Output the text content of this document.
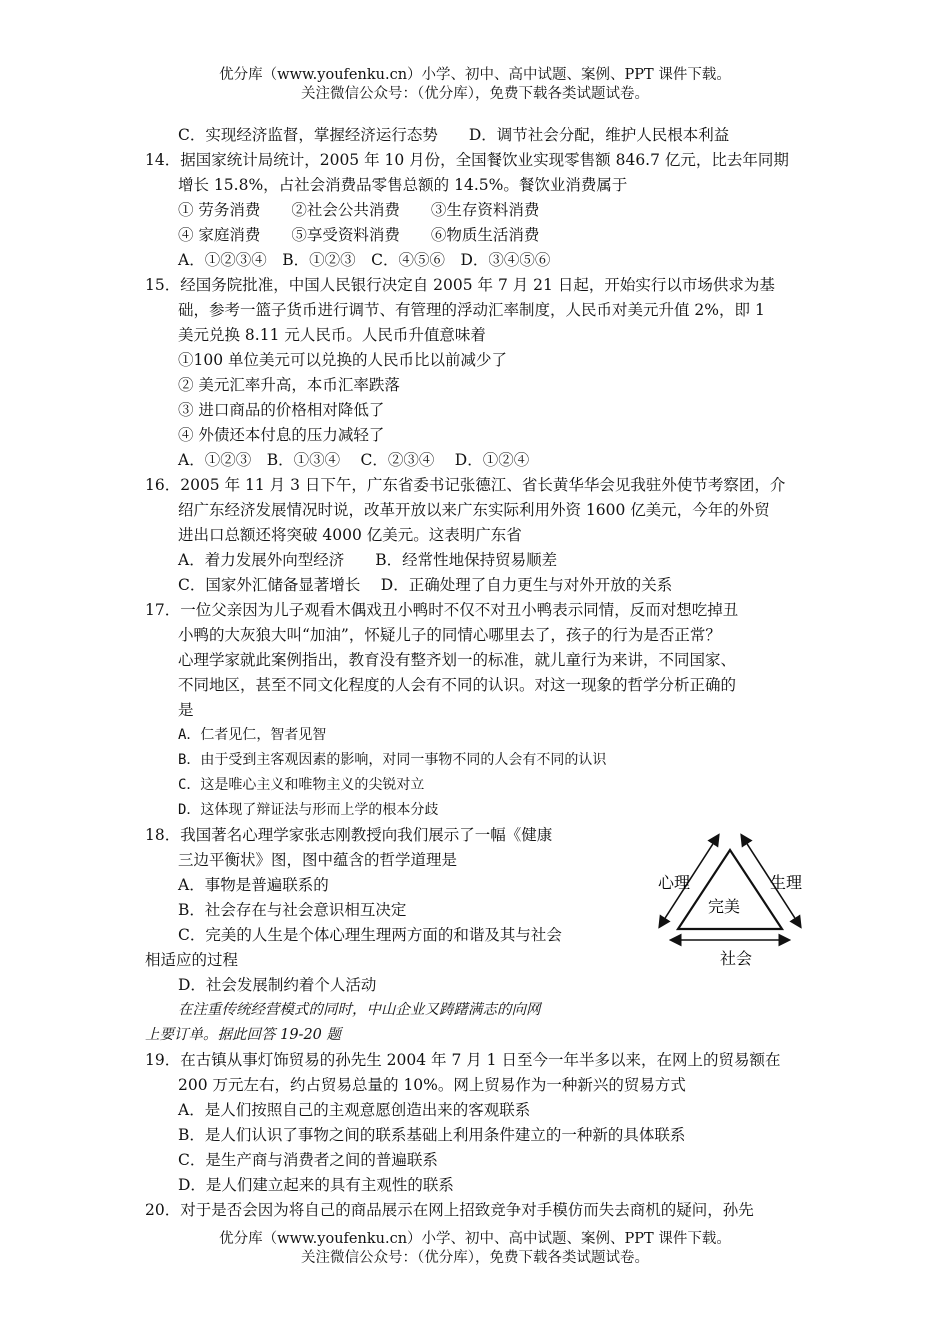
优分库（www.youfenku.cn）小学、初中、高中试题、案例、PPT 课件下载。
关注微信公众号：（优分库），免费下载各类试题试卷。
C．实现经济监督，掌握经济运行态势　　D．调节社会分配，维护人民根本利益
14．据国家统计局统计，2005 年 10 月份，全国餐饮业实现零售额 846.7 亿元，比去年同期
增长 15.8%，占社会消费品零售总额的 14.5%。餐饮业消费属于
① 劳务消费　　②社会公共消费　　③生存资料消费
④ 家庭消费　　⑤享受资料消费　　⑥物质生活消费
A．①②③④　B．①②③　C．④⑤⑥　D．③④⑤⑥
15．经国务院批准，中国人民银行决定自 2005 年 7 月 21 日起，开始实行以市场供求为基
础，参考一篮子货币进行调节、有管理的浮动汇率制度，人民币对美元升值 2%，即 1
美元兑换 8.11 元人民币。人民币升值意味着
①100 单位美元可以兑换的人民币比以前减少了
② 美元汇率升高，本币汇率跌落
③ 进口商品的价格相对降低了
④ 外债还本付息的压力减轻了
A．①②③　B．①③④　 C．②③④　 D．①②④
16．2005 年 11 月 3 日下午，广东省委书记张德江、省长黄华华会见我驻外使节考察团，介
绍广东经济发展情况时说，改革开放以来广东实际利用外资 1600 亿美元，今年的外贸
进出口总额还将突破 4000 亿美元。这表明广东省
A．着力发展外向型经济　　B．经常性地保持贸易顺差
C．国家外汇储备显著增长　 D．正确处理了自力更生与对外开放的关系
17．一位父亲因为儿子观看木偶戏丑小鸭时不仅不对丑小鸭表示同情，反而对想吃掉丑
小鸭的大灰狼大叫“加油”，怀疑儿子的同情心哪里去了，孩子的行为是否正常？
心理学家就此案例指出，教育没有整齐划一的标准，就儿童行为来讲，不同国家、
不同地区，甚至不同文化程度的人会有不同的认识。对这一现象的哲学分析正确的
是
A．仁者见仁，智者见智
B．由于受到主客观因素的影响，对同一事物不同的人会有不同的认识
C．这是唯心主义和唯物主义的尖锐对立
D．这体现了辩证法与形而上学的根本分歧
18．我国著名心理学家张志刚教授向我们展示了一幅《健康
三边平衡状》图，图中蕴含的哲学道理是
A．事物是普遍联系的
B．社会存在与社会意识相互决定
C．完美的人生是个体心理生理两方面的和谐及其与社会
相适应的过程
D．社会发展制约着个人活动
在注重传统经营模式的同时，中山企业又踌躇满志的向网
上要订单。据此回答 19-20 题
19．在古镇从事灯饰贸易的孙先生 2004 年 7 月 1 日至今一年半多以来，在网上的贸易额在
200 万元左右，约占贸易总量的 10%。网上贸易作为一种新兴的贸易方式
A．是人们按照自己的主观意愿创造出来的客观联系
B．是人们认识了事物之间的联系基础上利用条件建立的一种新的具体联系
C．是生产商与消费者之间的普遍联系
D．是人们建立起来的具有主观性的联系
20．对于是否会因为将自己的商品展示在网上招致竞争对手模仿而失去商机的疑问，孙先
心理	生理
完美
社会
优分库（www.youfenku.cn）小学、初中、高中试题、案例、PPT 课件下载。
关注微信公众号：（优分库），免费下载各类试题试卷。
